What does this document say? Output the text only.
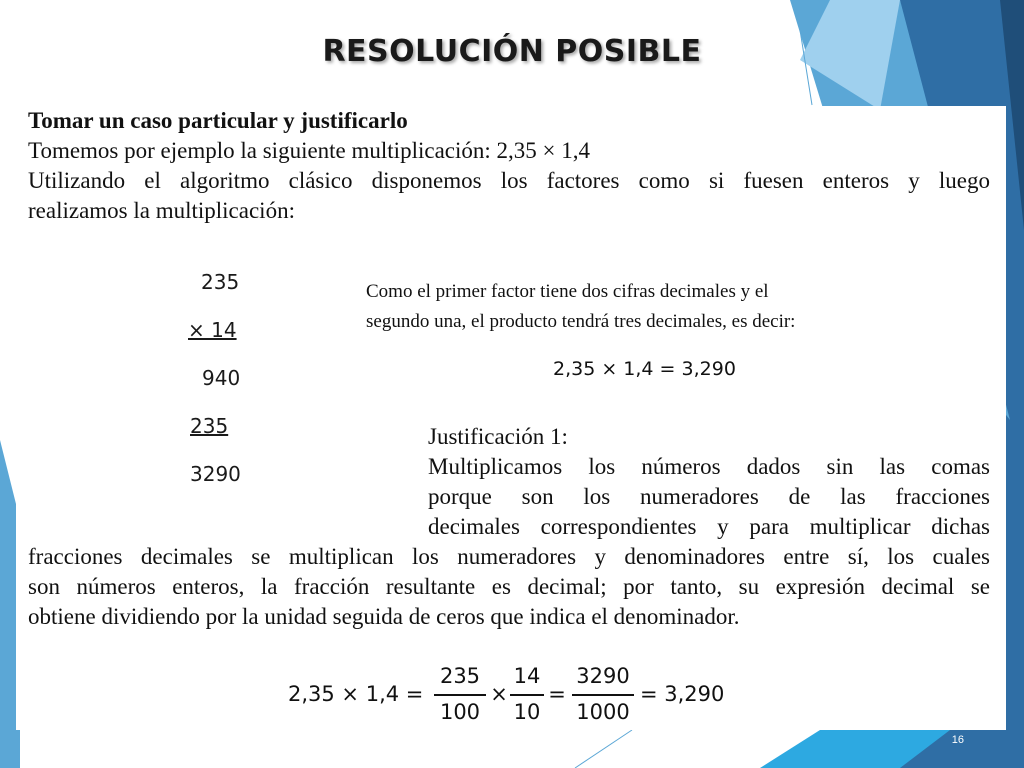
RESOLUCIÓN POSIBLE
Tomar un caso particular y justificarlo
Tomemos por ejemplo la siguiente multiplicación: 2,35 × 1,4
Utilizando el algoritmo clásico disponemos los factores como si fuesen enteros y luego
realizamos la multiplicación:
235
× 14
940
235
3290
Como el primer factor tiene dos cifras decimales y el
segundo una, el producto tendrá tres decimales, es decir:
2,35 × 1,4 = 3,290
Justificación 1:
Multiplicamos los números dados sin las comas
porque son los numeradores de las fracciones
decimales correspondientes y para multiplicar dichas
fracciones decimales se multiplican los numeradores y denominadores entre sí, los cuales
son números enteros, la fracción resultante es decimal; por tanto, su expresión decimal se
obtiene dividiendo por la unidad seguida de ceros que indica el denominador.
2,35 × 1,4 =
235
100
×
14
10
=
3290
1000
= 3,290
16
